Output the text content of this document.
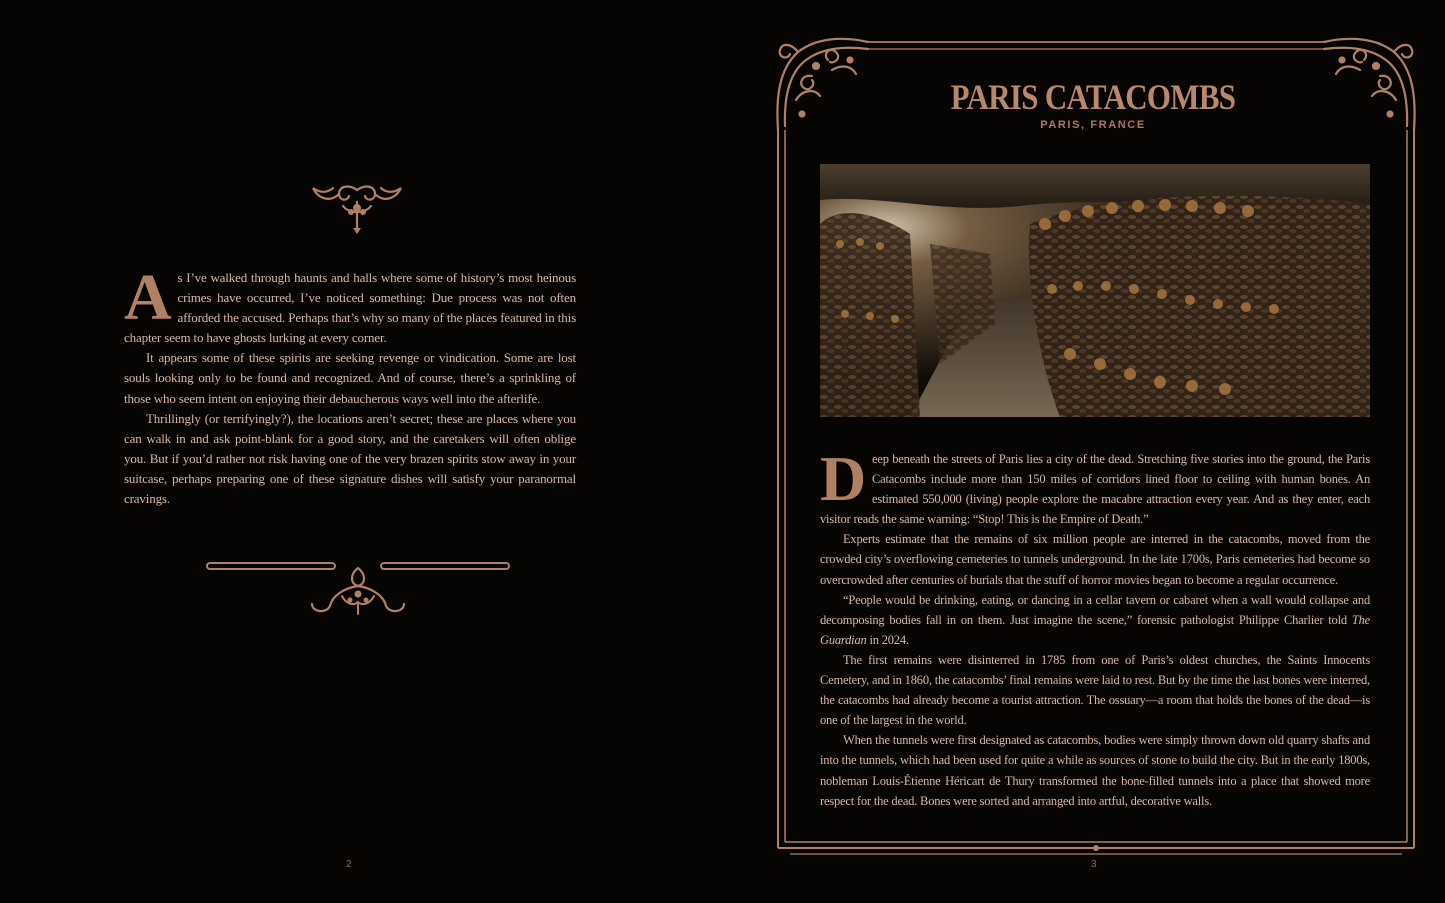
As I’ve walked through haunts and halls where some of history’s most heinous crimes have occurred, I’ve noticed something: Due process was not often afforded the accused. Perhaps that’s why so many of the places featured in this chapter seem to have ghosts lurking at every corner.

It appears some of these spirits are seeking revenge or vindication. Some are lost souls looking only to be found and recognized. And of course, there’s a sprinkling of those who seem intent on enjoying their debaucherous ways well into the afterlife.

Thrillingly (or terrifyingly?), the locations aren’t secret; these are places where you can walk in and ask point-blank for a good story, and the caretakers will often oblige you. But if you’d rather not risk having one of the very brazen spirits stow away in your suitcase, perhaps preparing one of these signature dishes will satisfy your paranormal cravings.

2
PARIS CATACOMBS
PARIS, FRANCE

Deep beneath the streets of Paris lies a city of the dead. Stretching five stories into the ground, the Paris Catacombs include more than 150 miles of corridors lined floor to ceiling with human bones. An estimated 550,000 (living) people explore the macabre attraction every year. And as they enter, each visitor reads the same warning: “Stop! This is the Empire of Death.”

Experts estimate that the remains of six million people are interred in the catacombs, moved from the crowded city’s overflowing cemeteries to tunnels underground. In the late 1700s, Paris cemeteries had become so overcrowded after centuries of burials that the stuff of horror movies began to become a regular occurrence.

“People would be drinking, eating, or dancing in a cellar tavern or cabaret when a wall would collapse and decomposing bodies fall in on them. Just imagine the scene,” forensic pathologist Philippe Charlier told The Guardian in 2024.

The first remains were disinterred in 1785 from one of Paris’s oldest churches, the Saints Innocents Cemetery, and in 1860, the catacombs’ final remains were laid to rest. But by the time the last bones were interred, the catacombs had already become a tourist attraction. The ossuary—a room that holds the bones of the dead—is one of the largest in the world.

When the tunnels were first designated as catacombs, bodies were simply thrown down old quarry shafts and into the tunnels, which had been used for quite a while as sources of stone to build the city. But in the early 1800s, nobleman Louis-Étienne Héricart de Thury transformed the bone-filled tunnels into a place that showed more respect for the dead. Bones were sorted and arranged into artful, decorative walls.

3
